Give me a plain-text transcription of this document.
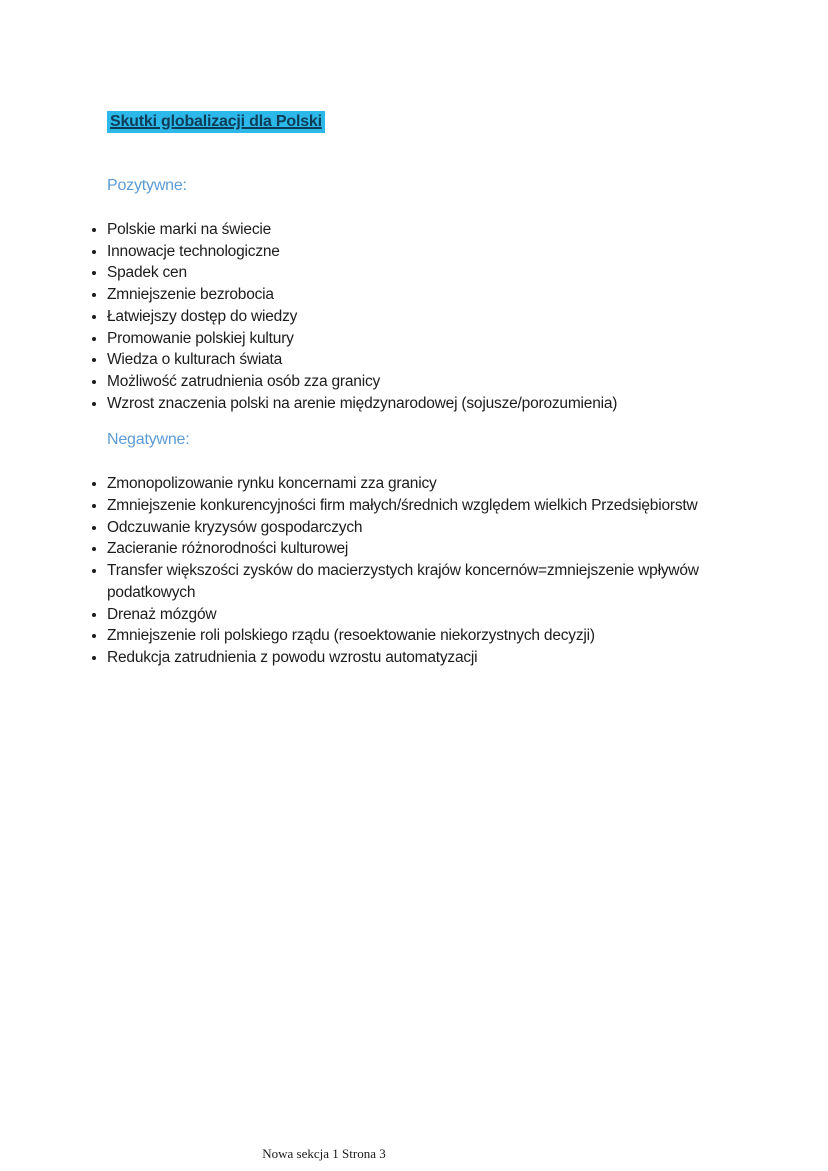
Skutki globalizacji dla Polski
Pozytywne:
• Polskie marki na świecie
• Innowacje technologiczne
• Spadek cen
• Zmniejszenie bezrobocia
• Łatwiejszy dostęp do wiedzy
• Promowanie polskiej kultury
• Wiedza o kulturach świata
• Możliwość zatrudnienia osób zza granicy
• Wzrost znaczenia polski na arenie międzynarodowej (sojusze/porozumienia)
Negatywne:
• Zmonopolizowanie rynku koncernami zza granicy
• Zmniejszenie konkurencyjności firm małych/średnich względem wielkich Przedsiębiorstw
• Odczuwanie kryzysów gospodarczych
• Zacieranie różnorodności kulturowej
• Transfer większości zysków do macierzystych krajów koncernów=zmniejszenie wpływów podatkowych
• Drenaż mózgów
• Zmniejszenie roli polskiego rządu (resoektowanie niekorzystnych decyzji)
• Redukcja zatrudnienia z powodu wzrostu automatyzacji
Nowa sekcja 1 Strona 3
